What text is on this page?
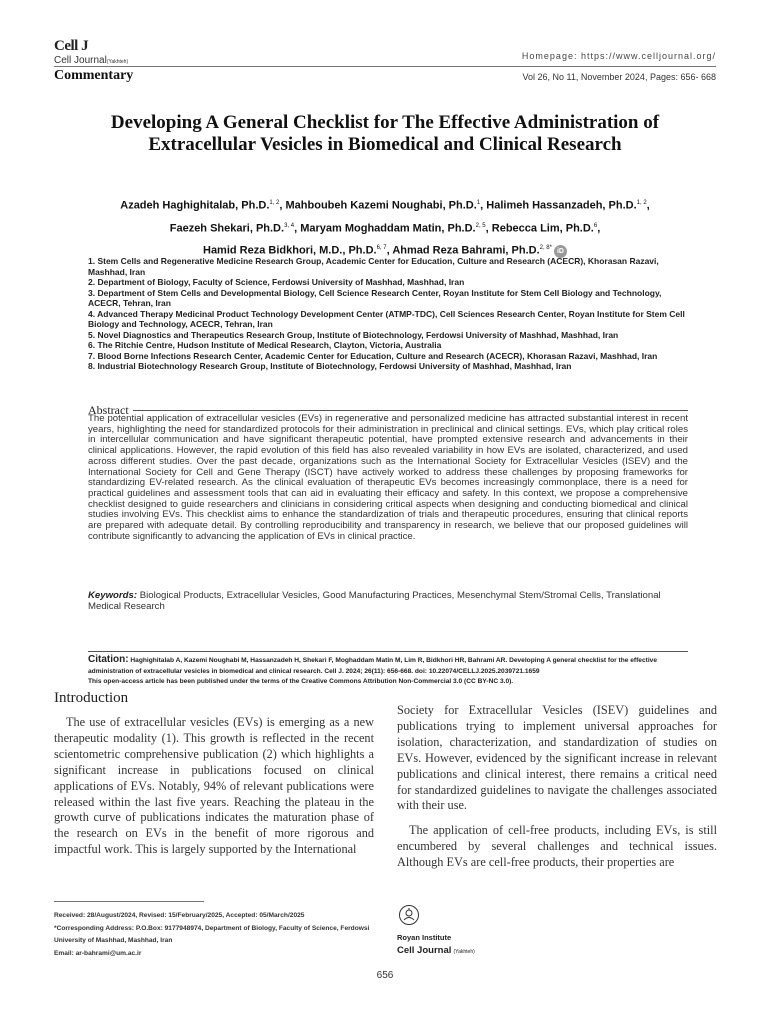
Cell J
Cell Journal(Yakhteh)
Homepage: https://www.celljournal.org/
Commentary	Vol 26, No 11, November 2024, Pages: 656- 668
Developing A General Checklist for The Effective Administration of Extracellular Vesicles in Biomedical and Clinical Research
Azadeh Haghighitalab, Ph.D.$^{1, 2}$, Mahboubeh Kazemi Noughabi, Ph.D.$^1$, Halimeh Hassanzadeh, Ph.D.$^{1, 2}$,
Faezeh Shekari, Ph.D.$^{3, 4}$, Maryam Moghaddam Matin, Ph.D.$^{2, 5}$, Rebecca Lim, Ph.D.$^6$,
Hamid Reza Bidkhori, M.D., Ph.D.$^{6, 7}$, Ahmad Reza Bahrami, Ph.D.$^{2, 8*}$ iD
1. Stem Cells and Regenerative Medicine Research Group, Academic Center for Education, Culture and Research (ACECR), Khorasan Razavi, Mashhad, Iran
2. Department of Biology, Faculty of Science, Ferdowsi University of Mashhad, Mashhad, Iran
3. Department of Stem Cells and Developmental Biology, Cell Science Research Center, Royan Institute for Stem Cell Biology and Technology, ACECR, Tehran, Iran
4. Advanced Therapy Medicinal Product Technology Development Center (ATMP-TDC), Cell Sciences Research Center, Royan Institute for Stem Cell Biology and Technology, ACECR, Tehran, Iran
5. Novel Diagnostics and Therapeutics Research Group, Institute of Biotechnology, Ferdowsi University of Mashhad, Mashhad, Iran
6. The Ritchie Centre, Hudson Institute of Medical Research, Clayton, Victoria, Australia
7. Blood Borne Infections Research Center, Academic Center for Education, Culture and Research (ACECR), Khorasan Razavi, Mashhad, Iran
8. Industrial Biotechnology Research Group, Institute of Biotechnology, Ferdowsi University of Mashhad, Mashhad, Iran
Abstract
The potential application of extracellular vesicles (EVs) in regenerative and personalized medicine has attracted substantial interest in recent years, highlighting the need for standardized protocols for their administration in preclinical and clinical settings. EVs, which play critical roles in intercellular communication and have significant therapeutic potential, have prompted extensive research and advancements in their clinical applications. However, the rapid evolution of this field has also revealed variability in how EVs are isolated, characterized, and used across different studies. Over the past decade, organizations such as the International Society for Extracellular Vesicles (ISEV) and the International Society for Cell and Gene Therapy (ISCT) have actively worked to address these challenges by proposing frameworks for standardizing EV-related research. As the clinical evaluation of therapeutic EVs becomes increasingly commonplace, there is a need for practical guidelines and assessment tools that can aid in evaluating their efficacy and safety. In this context, we propose a comprehensive checklist designed to guide researchers and clinicians in considering critical aspects when designing and conducting biomedical and clinical studies involving EVs. This checklist aims to enhance the standardization of trials and therapeutic procedures, ensuring that clinical reports are prepared with adequate detail. By controlling reproducibility and transparency in research, we believe that our proposed guidelines will contribute significantly to advancing the application of EVs in clinical practice.
Keywords: Biological Products, Extracellular Vesicles, Good Manufacturing Practices, Mesenchymal Stem/Stromal Cells, Translational Medical Research
Citation: Haghighitalab A, Kazemi Noughabi M, Hassanzadeh H, Shekari F, Moghaddam Matin M, Lim R, Bidkhori HR, Bahrami AR. Developing A general checklist for the effective administration of extracellular vesicles in biomedical and clinical research. Cell J. 2024; 26(11): 656-668. doi: 10.22074/CELLJ.2025.2039721.1659
This open-access article has been published under the terms of the Creative Commons Attribution Non-Commercial 3.0 (CC BY-NC 3.0).
Introduction

The use of extracellular vesicles (EVs) is emerging as a new therapeutic modality (1). This growth is reflected in the recent scientometric comprehensive publication (2) which highlights a significant increase in publications focused on clinical applications of EVs. Notably, 94% of relevant publications were released within the last five years. Reaching the plateau in the growth curve of publications indicates the maturation phase of the research on EVs in the benefit of more rigorous and impactful work. This is largely supported by the International

Society for Extracellular Vesicles (ISEV) guidelines and publications trying to implement universal approaches for isolation, characterization, and standardization of studies on EVs. However, evidenced by the significant increase in relevant publications and clinical interest, there remains a critical need for standardized guidelines to navigate the challenges associated with their use.

The application of cell-free products, including EVs, is still encumbered by several challenges and technical issues. Although EVs are cell-free products, their properties are

Received: 28/August/2024, Revised: 15/February/2025, Accepted: 05/March/2025
*Corresponding Address: P.O.Box: 9177948974, Department of Biology, Faculty of Science, Ferdowsi University of Mashhad, Mashhad, Iran
Email: ar-bahrami@um.ac.ir
Royan Institute
Cell Journal (Yakhteh)
656
